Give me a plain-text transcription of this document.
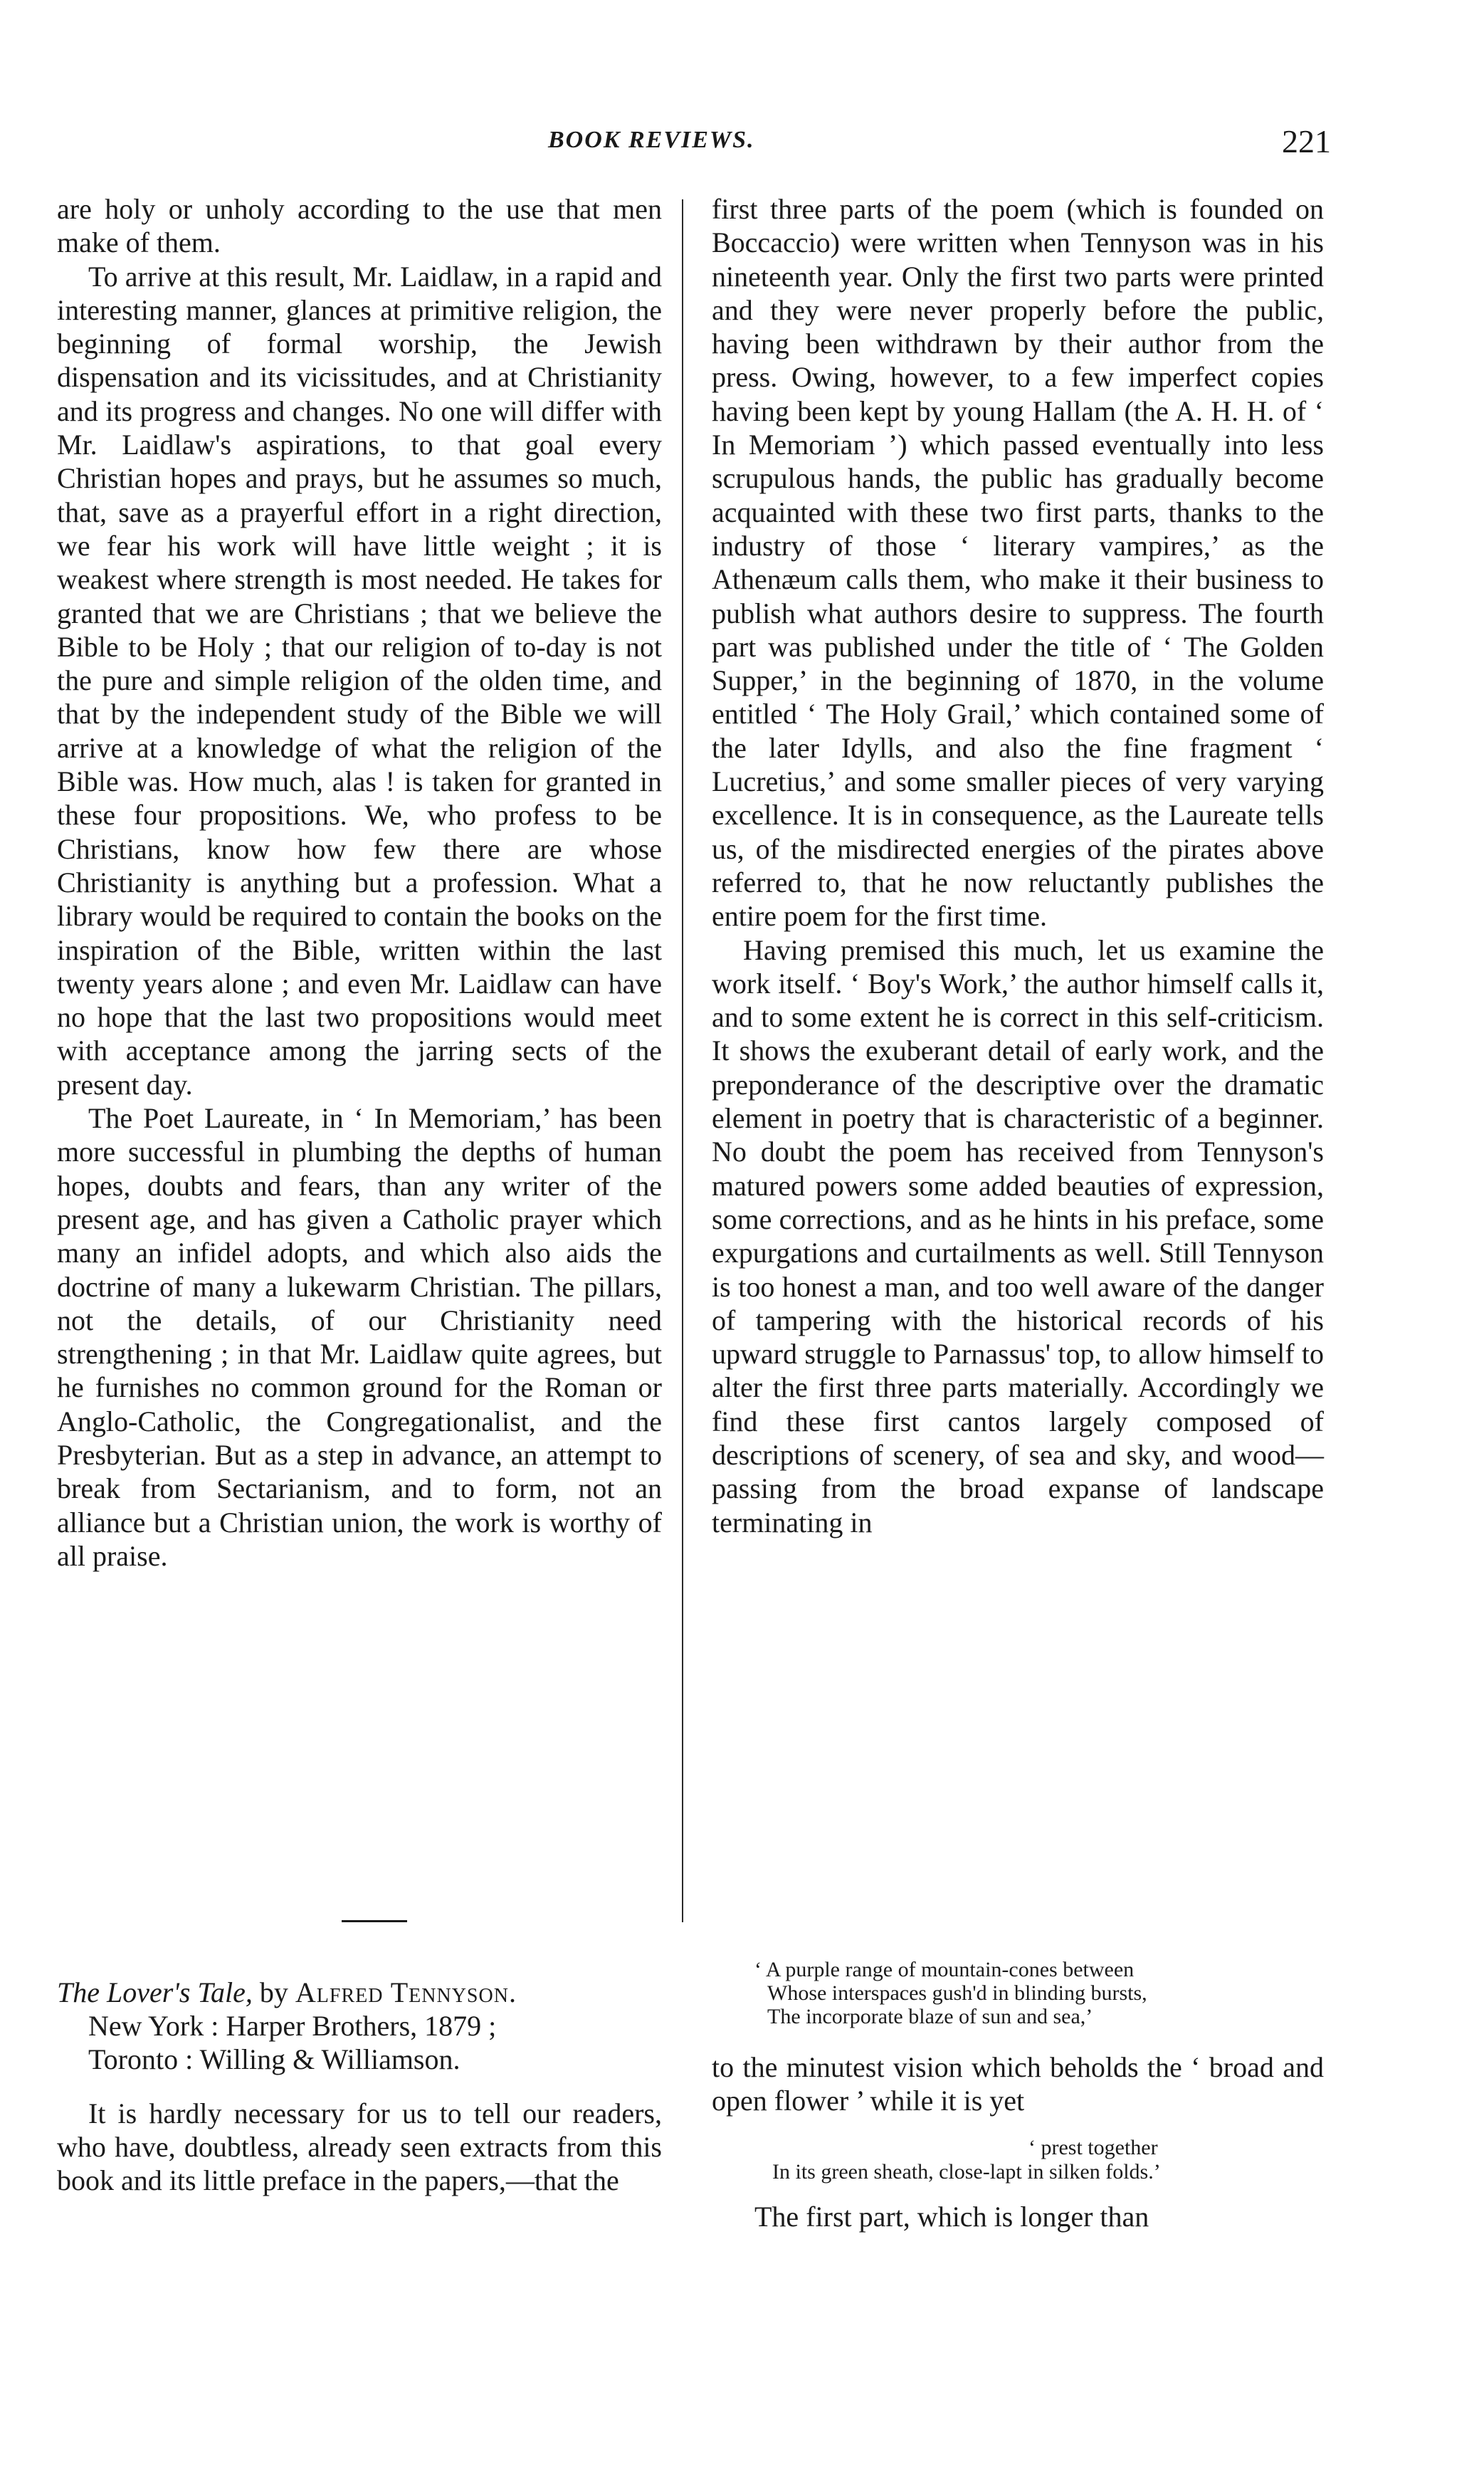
BOOK REVIEWS.	221

are holy or unholy according to the use that men make of them.

To arrive at this result, Mr. Laidlaw, in a rapid and interesting manner, glances at primitive religion, the beginning of formal worship, the Jewish dispensation and its vicissitudes, and at Christianity and its progress and changes. No one will differ with Mr. Laidlaw's aspirations, to that goal every Christian hopes and prays, but he assumes so much, that, save as a prayerful effort in a right direction, we fear his work will have little weight ; it is weakest where strength is most needed. He takes for granted that we are Christians ; that we believe the Bible to be Holy ; that our religion of to-day is not the pure and simple religion of the olden time, and that by the independent study of the Bible we will arrive at a knowledge of what the religion of the Bible was. How much, alas ! is taken for granted in these four propositions. We, who profess to be Christians, know how few there are whose Christianity is anything but a profession. What a library would be required to contain the books on the inspiration of the Bible, written within the last twenty years alone ; and even Mr. Laidlaw can have no hope that the last two propositions would meet with acceptance among the jarring sects of the present day.

The Poet Laureate, in ‘ In Memoriam,’ has been more successful in plumbing the depths of human hopes, doubts and fears, than any writer of the present age, and has given a Catholic prayer which many an infidel adopts, and which also aids the doctrine of many a lukewarm Christian. The pillars, not the details, of our Christianity need strengthening ; in that Mr. Laidlaw quite agrees, but he furnishes no common ground for the Roman or Anglo-Catholic, the Congregationalist, and the Presbyterian. But as a step in advance, an attempt to break from Sectarianism, and to form, not an alliance but a Christian union, the work is worthy of all praise.

The Lover's Tale, by Alfred Tennyson.
New York : Harper Brothers, 1879 ;
Toronto : Willing & Williamson.

It is hardly necessary for us to tell our readers, who have, doubtless, already seen extracts from this book and its little preface in the papers,—that the

first three parts of the poem (which is founded on Boccaccio) were written when Tennyson was in his nineteenth year. Only the first two parts were printed and they were never properly before the public, having been withdrawn by their author from the press. Owing, however, to a few imperfect copies having been kept by young Hallam (the A. H. H. of ‘ In Memoriam ’) which passed eventually into less scrupulous hands, the public has gradually become acquainted with these two first parts, thanks to the industry of those ‘ literary vampires,’ as the Athenæum calls them, who make it their business to publish what authors desire to suppress. The fourth part was published under the title of ‘ The Golden Supper,’ in the beginning of 1870, in the volume entitled ‘ The Holy Grail,’ which contained some of the later Idylls, and also the fine fragment ‘ Lucretius,’ and some smaller pieces of very varying excellence. It is in consequence, as the Laureate tells us, of the misdirected energies of the pirates above referred to, that he now reluctantly publishes the entire poem for the first time.

Having premised this much, let us examine the work itself. ‘ Boy's Work,’ the author himself calls it, and to some extent he is correct in this self-criticism. It shows the exuberant detail of early work, and the preponderance of the descriptive over the dramatic element in poetry that is characteristic of a beginner. No doubt the poem has received from Tennyson's matured powers some added beauties of expression, some corrections, and as he hints in his preface, some expurgations and curtailments as well. Still Tennyson is too honest a man, and too well aware of the danger of tampering with the historical records of his upward struggle to Parnassus' top, to allow himself to alter the first three parts materially. Accordingly we find these first cantos largely composed of descriptions of scenery, of sea and sky, and wood—passing from the broad expanse of landscape terminating in

‘ A purple range of mountain-cones between
Whose interspaces gush'd in blinding bursts,
The incorporate blaze of sun and sea,’
to the minutest vision which beholds the ‘ broad and open flower ’ while it is yet
‘ prest together
In its green sheath, close-lapt in silken folds.’
The first part, which is longer than
